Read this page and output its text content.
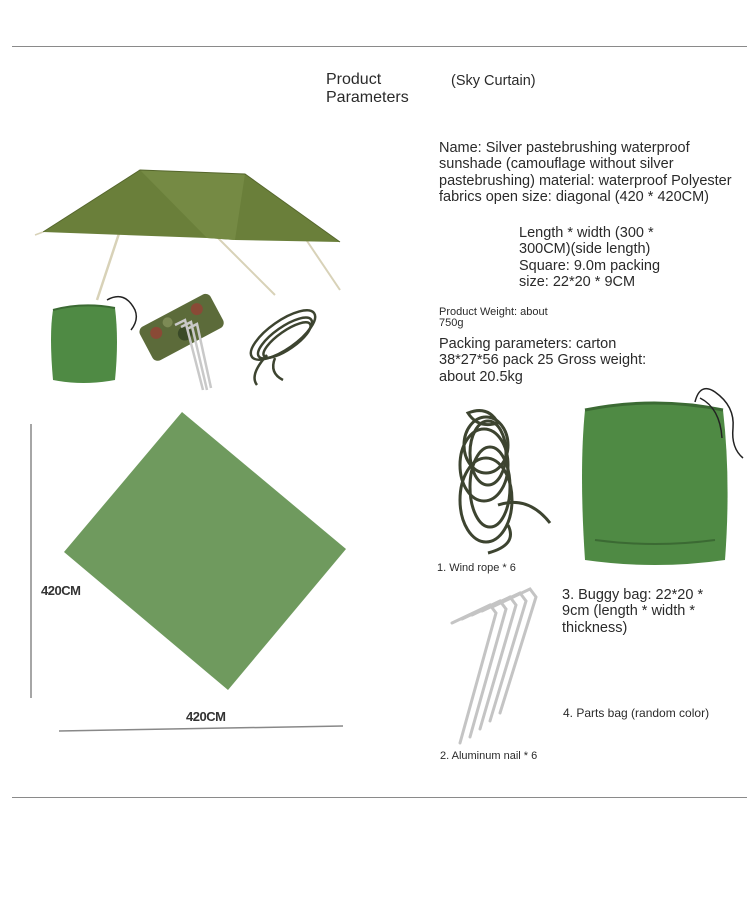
Product Parameters
(Sky Curtain)
Name: Silver pastebrushing waterproof sunshade (camouflage without silver pastebrushing) material: waterproof Polyester fabrics open size: diagonal (420 * 420CM)
Length * width (300 * 300CM)(side length) Square: 9.0m packing size: 22*20 * 9CM
Product Weight: about 750g
Packing parameters: carton 38*27*56 pack 25 Gross weight: about 20.5kg
420CM
420CM
1. Wind rope * 6
2. Aluminum nail * 6
3. Buggy bag: 22*20 * 9cm (length * width * thickness)
4. Parts bag (random color)
